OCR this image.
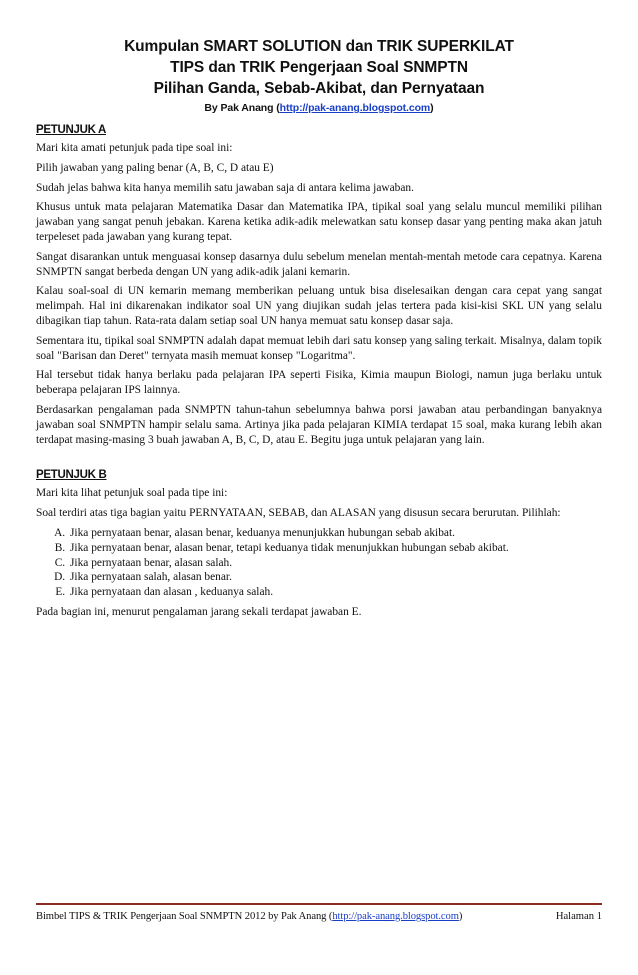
Kumpulan SMART SOLUTION dan TRIK SUPERKILAT
TIPS dan TRIK Pengerjaan Soal SNMPTN
Pilihan Ganda, Sebab-Akibat, dan Pernyataan
By Pak Anang (http://pak-anang.blogspot.com)
PETUNJUK A

Mari kita amati petunjuk pada tipe soal ini:

Pilih jawaban yang paling benar (A, B, C, D atau E)

Sudah jelas bahwa kita hanya memilih satu jawaban saja di antara kelima jawaban.

Khusus untuk mata pelajaran Matematika Dasar dan Matematika IPA, tipikal soal yang selalu muncul memiliki pilihan jawaban yang sangat penuh jebakan. Karena ketika adik-adik melewatkan satu konsep dasar yang penting maka akan jatuh terpeleset pada jawaban yang kurang tepat.

Sangat disarankan untuk menguasai konsep dasarnya dulu sebelum menelan mentah-mentah metode cara cepatnya. Karena SNMPTN sangat berbeda dengan UN yang adik-adik jalani kemarin.

Kalau soal-soal di UN kemarin memang memberikan peluang untuk bisa diselesaikan dengan cara cepat yang sangat melimpah. Hal ini dikarenakan indikator soal UN yang diujikan sudah jelas tertera pada kisi-kisi SKL UN yang selalu dibagikan tiap tahun. Rata-rata dalam setiap soal UN hanya memuat satu konsep dasar saja.

Sementara itu, tipikal soal SNMPTN adalah dapat memuat lebih dari satu konsep yang saling terkait. Misalnya, dalam topik soal "Barisan dan Deret" ternyata masih memuat konsep "Logaritma".

Hal tersebut tidak hanya berlaku pada pelajaran IPA seperti Fisika, Kimia maupun Biologi, namun juga berlaku untuk beberapa pelajaran IPS lainnya.

Berdasarkan pengalaman pada SNMPTN tahun-tahun sebelumnya bahwa porsi jawaban atau perbandingan banyaknya jawaban soal SNMPTN hampir selalu sama. Artinya jika pada pelajaran KIMIA terdapat 15 soal, maka kurang lebih akan terdapat masing-masing 3 buah jawaban A, B, C, D, atau E. Begitu juga untuk pelajaran yang lain.

PETUNJUK B

Mari kita lihat petunjuk soal pada tipe ini:

Soal terdiri atas tiga bagian yaitu PERNYATAAN, SEBAB, dan ALASAN yang disusun secara berurutan. Pilihlah:

A. Jika pernyataan benar, alasan benar, keduanya menunjukkan hubungan sebab akibat.
B. Jika pernyataan benar, alasan benar, tetapi keduanya tidak menunjukkan hubungan sebab akibat.
C. Jika pernyataan benar, alasan salah.
D. Jika pernyataan salah, alasan benar.
E. Jika pernyataan dan alasan , keduanya salah.

Pada bagian ini, menurut pengalaman jarang sekali terdapat jawaban E.

Bimbel TIPS & TRIK Pengerjaan Soal SNMPTN 2012 by Pak Anang (http://pak-anang.blogspot.com)	Halaman 1
